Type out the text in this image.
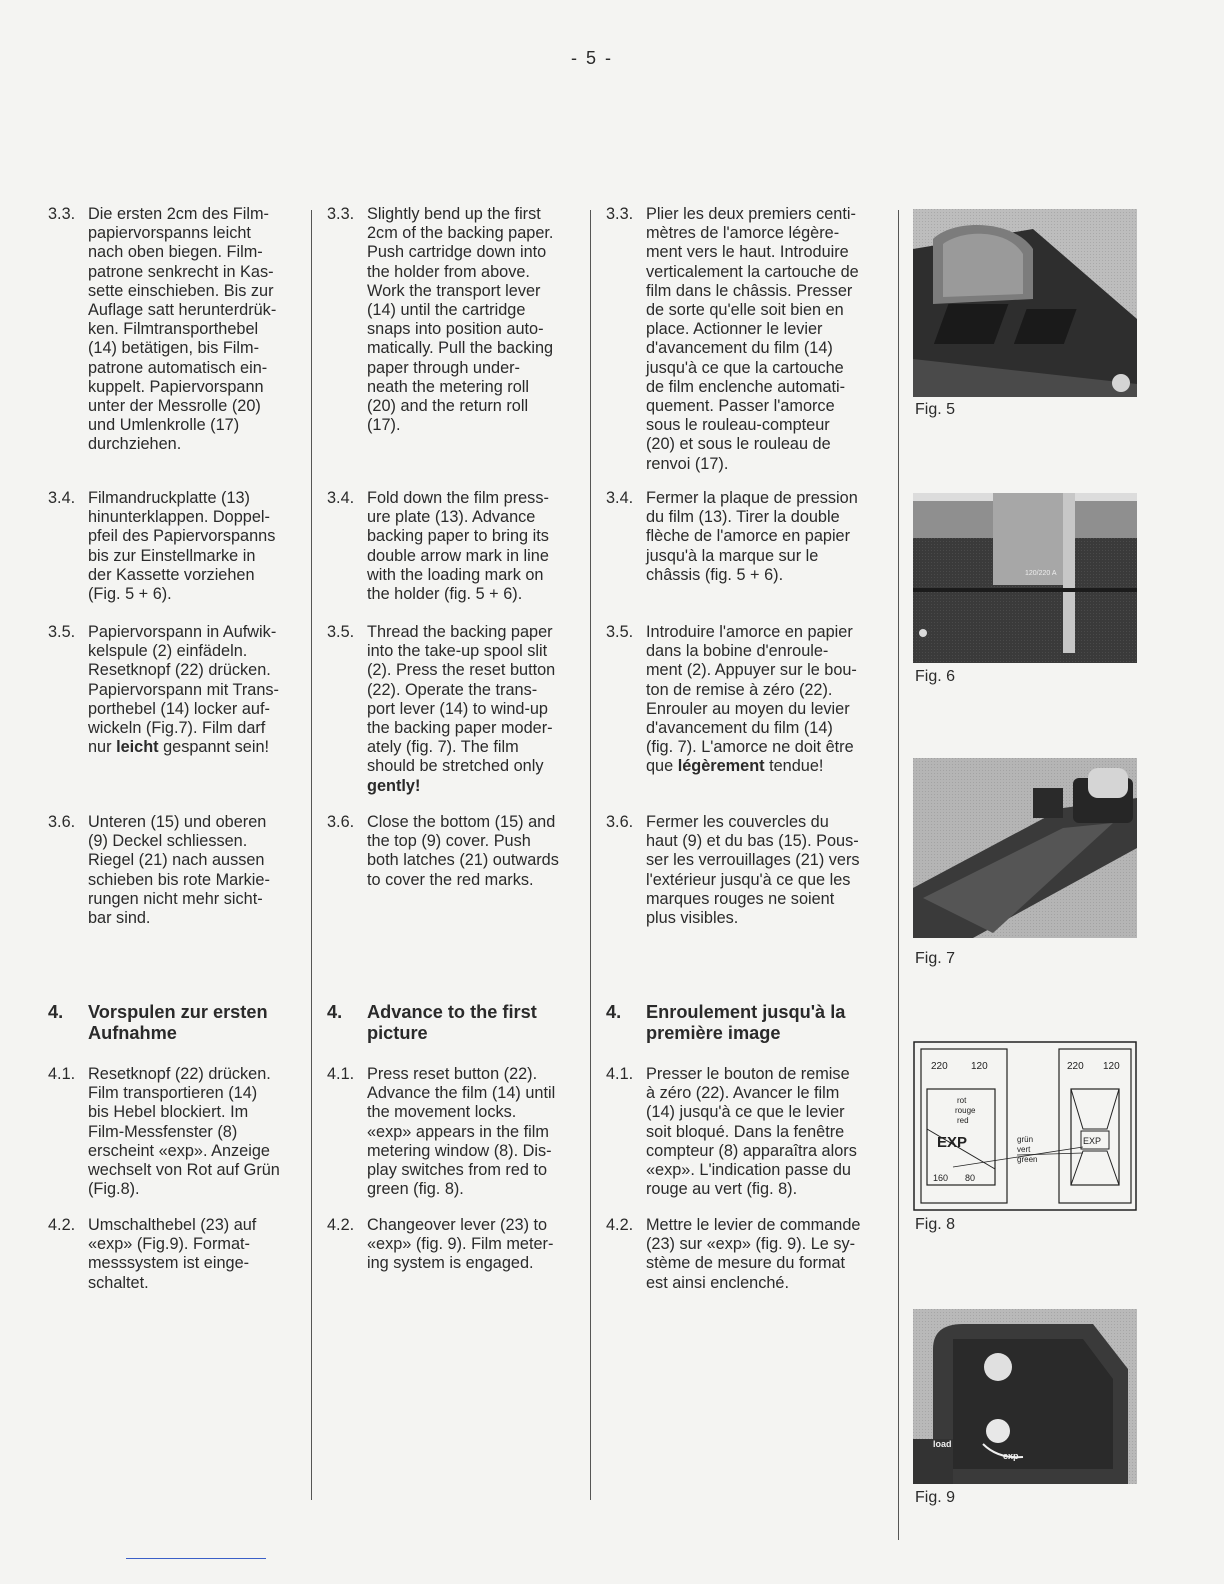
- 5 -
3.3. Die ersten 2cm des Film-
papiervorspanns leicht
nach oben biegen. Film-
patrone senkrecht in Kas-
sette einschieben. Bis zur
Auflage satt herunterdrük-
ken. Filmtransporthebel
(14) betätigen, bis Film-
patrone automatisch ein-
kuppelt. Papiervorspann
unter der Messrolle (20)
und Umlenkrolle (17)
durchziehen.
3.4. Filmandruckplatte (13)
hinunterklappen. Doppel-
pfeil des Papiervorspanns
bis zur Einstellmarke in
der Kassette vorziehen
(Fig. 5 + 6).
3.5. Papiervorspann in Aufwik-
kelspule (2) einfädeln.
Resetknopf (22) drücken.
Papiervorspann mit Trans-
porthebel (14) locker auf-
wickeln (Fig.7). Film darf
nur leicht gespannt sein!
3.6. Unteren (15) und oberen
(9) Deckel schliessen.
Riegel (21) nach aussen
schieben bis rote Markie-
rungen nicht mehr sicht-
bar sind.
4. Vorspulen zur ersten
Aufnahme
4.1. Resetknopf (22) drücken.
Film transportieren (14)
bis Hebel blockiert. Im
Film-Messfenster (8)
erscheint «exp». Anzeige
wechselt von Rot auf Grün
(Fig.8).
4.2. Umschalthebel (23) auf
«exp» (Fig.9). Format-
messsystem ist einge-
schaltet.
3.3. Slightly bend up the first
2cm of the backing paper.
Push cartridge down into
the holder from above.
Work the transport lever
(14) until the cartridge
snaps into position auto-
matically. Pull the backing
paper through under-
neath the metering roll
(20) and the return roll
(17).
3.4. Fold down the film press-
ure plate (13). Advance
backing paper to bring its
double arrow mark in line
with the loading mark on
the holder (fig. 5 + 6).
3.5. Thread the backing paper
into the take-up spool slit
(2). Press the reset button
(22). Operate the trans-
port lever (14) to wind-up
the backing paper moder-
ately (fig. 7). The film
should be stretched only
gently!
3.6. Close the bottom (15) and
the top (9) cover. Push
both latches (21) outwards
to cover the red marks.
4. Advance to the first
picture
4.1. Press reset button (22).
Advance the film (14) until
the movement locks.
«exp» appears in the film
metering window (8). Dis-
play switches from red to
green (fig. 8).
4.2. Changeover lever (23) to
«exp» (fig. 9). Film meter-
ing system is engaged.
3.3. Plier les deux premiers centi-
mètres de l'amorce légère-
ment vers le haut. Introduire
verticalement la cartouche de
film dans le châssis. Presser
de sorte qu'elle soit bien en
place. Actionner le levier
d'avancement du film (14)
jusqu'à ce que la cartouche
de film enclenche automati-
quement. Passer l'amorce
sous le rouleau-compteur
(20) et sous le rouleau de
renvoi (17).
3.4. Fermer la plaque de pression
du film (13). Tirer la double
flèche de l'amorce en papier
jusqu'à la marque sur le
châssis (fig. 5 + 6).
3.5. Introduire l'amorce en papier
dans la bobine d'enroule-
ment (2). Appuyer sur le bou-
ton de remise à zéro (22).
Enrouler au moyen du levier
d'avancement du film (14)
(fig. 7). L'amorce ne doit être
que légèrement tendue!
3.6. Fermer les couvercles du
haut (9) et du bas (15). Pous-
ser les verrouillages (21) vers
l'extérieur jusqu'à ce que les
marques rouges ne soient
plus visibles.
4. Enroulement jusqu'à la
première image
4.1. Presser le bouton de remise
à zéro (22). Avancer le film
(14) jusqu'à ce que le levier
soit bloqué. Dans la fenêtre
compteur (8) apparaîtra alors
«exp». L'indication passe du
rouge au vert (fig. 8).
4.2. Mettre le levier de commande
(23) sur «exp» (fig. 9). Le sy-
stème de mesure du format
est ainsi enclenché.
Fig. 5
120/220 A
Fig. 6
Fig. 7
220 120
rot
rouge
red
EXP
160 80
grün
vert
green
220 120
EXP
Fig. 8
load
exp
Fig. 9
